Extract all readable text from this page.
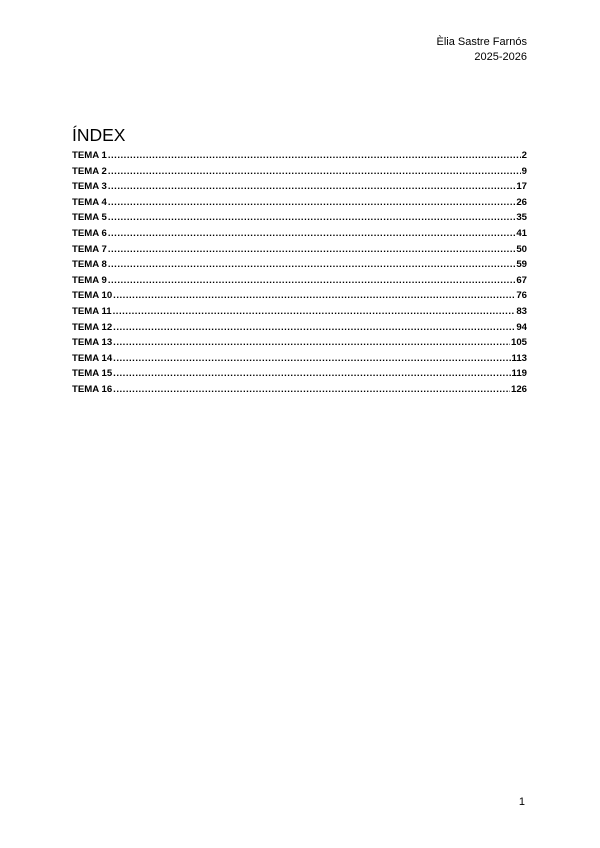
Èlia Sastre Farnós
2025-2026
ÍNDEX
TEMA 1 .....	2
TEMA 2 .....	9
TEMA 3 .....	17
TEMA 4 .....	26
TEMA 5 .....	35
TEMA 6 .....	41
TEMA 7 .....	50
TEMA 8 .....	59
TEMA 9 .....	67
TEMA 10 .....	76
TEMA 11 .....	83
TEMA 12 .....	94
TEMA 13 .....	105
TEMA 14 .....	113
TEMA 15 .....	119
TEMA 16 .....	126
1
